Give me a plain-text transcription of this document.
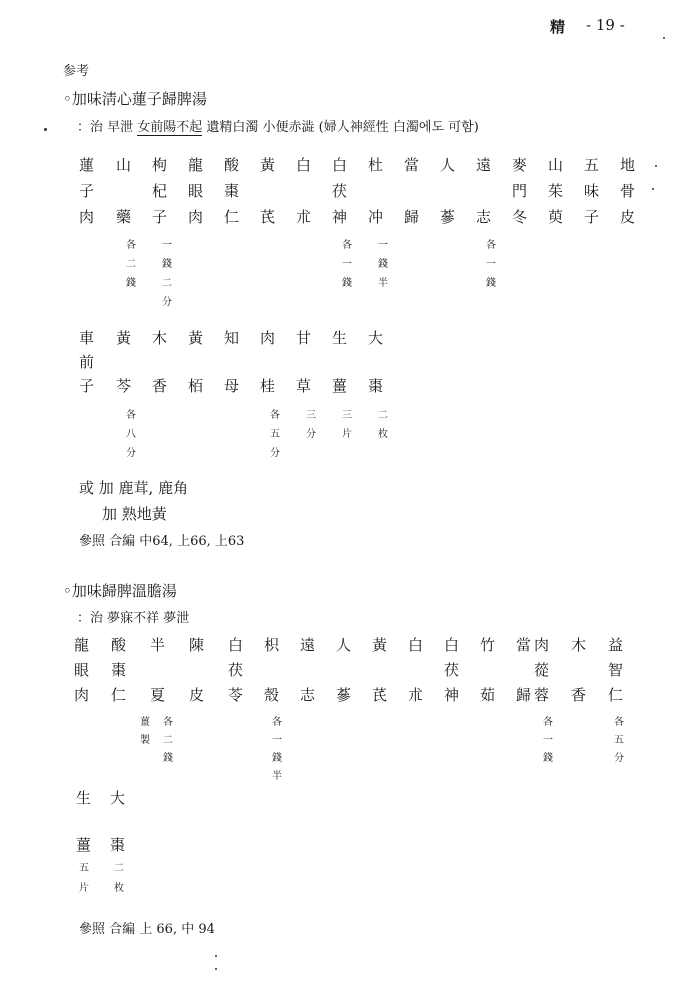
精 - 19 -
参考
◦加味淸心蓮子歸脾湯
：治 早泄 女前陽不起 遺精白濁 小便赤澁 (婦人神經性 白濁에도 可함)
蓮
子
肉
山
藥
枸
杞
子
龍
眼
肉
酸
棗
仁
黃
芪
白
朮
白
茯
神
杜
冲
當
歸
人
蔘
遠
志
麥
門
冬
山
茱
萸
五
味
子
地
骨
皮
各
二
錢
一
錢
二
分
各
一
錢
一
錢
半
各
一
錢
車
前
子
黃
芩
木
香
黃
栢
知
母
肉
桂
甘
草
生
薑
大
棗
各
八
分
各
五
分
三
分
三
片
二
枚
或 加 鹿茸, 鹿角
加 熟地黃
參照 合編 中64, 上66, 上63
◦加味歸脾溫膽湯
：治 夢寐不祥 夢泄
龍
眼
肉
酸
棗
仁
半
夏
陳
皮
白
茯
苓
枳
殼
遠
志
人
蔘
黃
芪
白
朮
白
茯
神
竹
茹
當
歸
肉
蓯
蓉
木
香
益
智
仁
薑
製
各
二
錢
各
一
錢
半
各
一
錢
各
五
分
生
薑
大
棗
五
片
二
枚
參照 合編 上 66, 中 94
